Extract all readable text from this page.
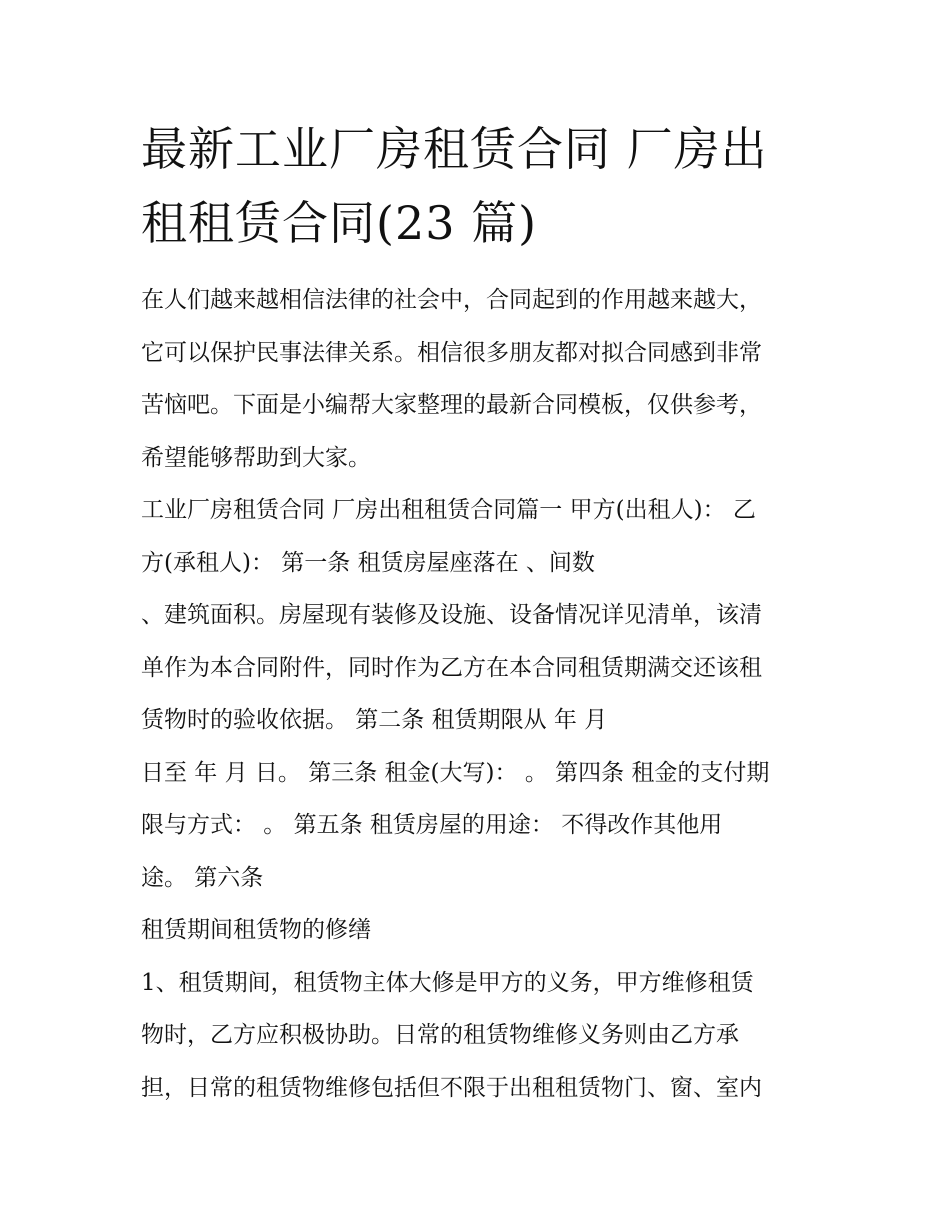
最新工业厂房租赁合同 厂房出
租租赁合同(23 篇)
在人们越来越相信法律的社会中，合同起到的作用越来越大，
它可以保护民事法律关系。相信很多朋友都对拟合同感到非常
苦恼吧。下面是小编帮大家整理的最新合同模板，仅供参考，
希望能够帮助到大家。
工业厂房租赁合同 厂房出租租赁合同篇一 甲方(出租人)： 乙
方(承租人)： 第一条 租赁房屋座落在 、间数
、建筑面积。房屋现有装修及设施、设备情况详见清单，该清
单作为本合同附件，同时作为乙方在本合同租赁期满交还该租
赁物时的验收依据。 第二条 租赁期限从 年 月
日至 年 月 日。 第三条 租金(大写)： 。 第四条 租金的支付期
限与方式： 。 第五条 租赁房屋的用途： 不得改作其他用
途。 第六条
租赁期间租赁物的修缮
1、租赁期间，租赁物主体大修是甲方的义务，甲方维修租赁
物时，乙方应积极协助。日常的租赁物维修义务则由乙方承
担，日常的租赁物维修包括但不限于出租租赁物门、窗、室内
